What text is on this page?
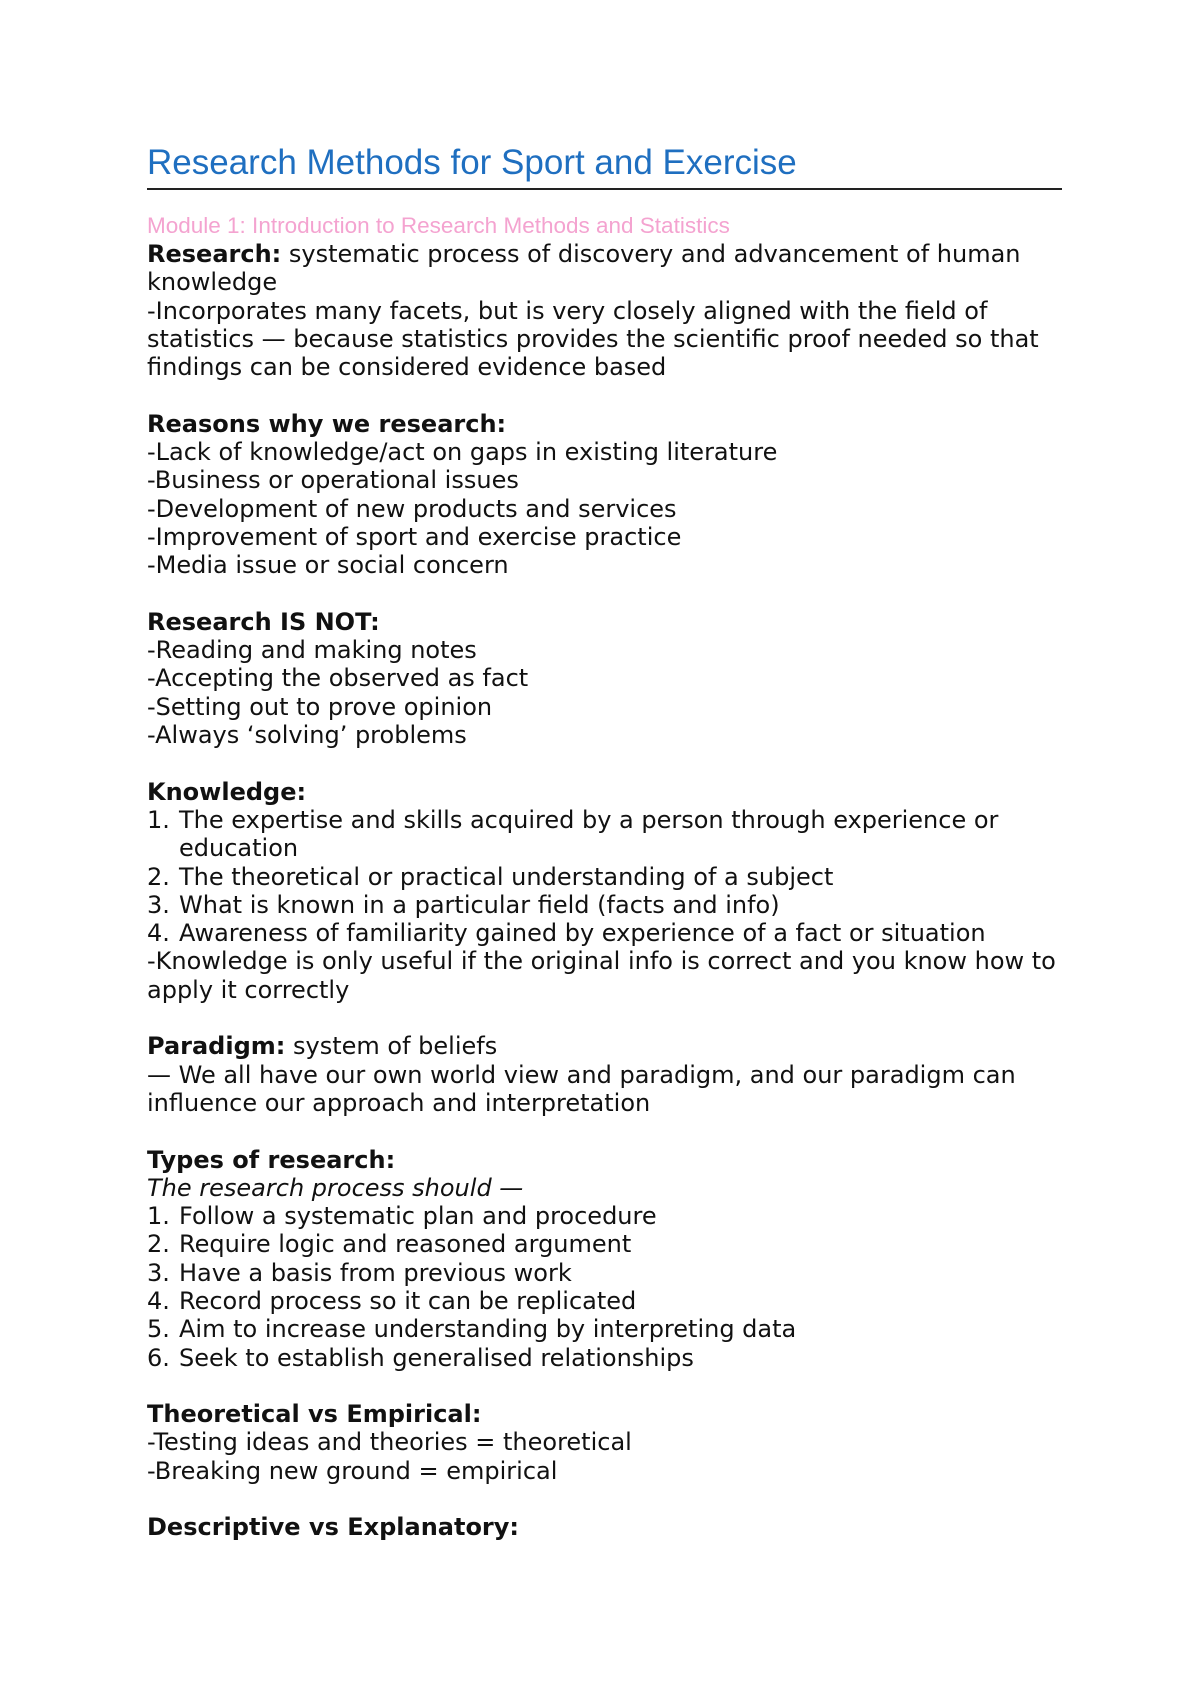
Research Methods for Sport and Exercise

Module 1: Introduction to Research Methods and Statistics

Research: systematic process of discovery and advancement of human knowledge

-Incorporates many facets, but is very closely aligned with the field of statistics — because statistics provides the scientific proof needed so that findings can be considered evidence based

Reasons why we research:

-Lack of knowledge/act on gaps in existing literature

-Business or operational issues

-Development of new products and services

-Improvement of sport and exercise practice

-Media issue or social concern

Research IS NOT:

-Reading and making notes

-Accepting the observed as fact

-Setting out to prove opinion

-Always ‘solving’ problems

Knowledge:

1. The expertise and skills acquired by a person through experience or education
2. The theoretical or practical understanding of a subject
3. What is known in a particular field (facts and info)
4. Awareness of familiarity gained by experience of a fact or situation

-Knowledge is only useful if the original info is correct and you know how to apply it correctly

Paradigm: system of beliefs

— We all have our own world view and paradigm, and our paradigm can influence our approach and interpretation

Types of research:

The research process should —

1. Follow a systematic plan and procedure
2. Require logic and reasoned argument
3. Have a basis from previous work
4. Record process so it can be replicated
5. Aim to increase understanding by interpreting data
6. Seek to establish generalised relationships

Theoretical vs Empirical:

-Testing ideas and theories = theoretical

-Breaking new ground = empirical

Descriptive vs Explanatory:
